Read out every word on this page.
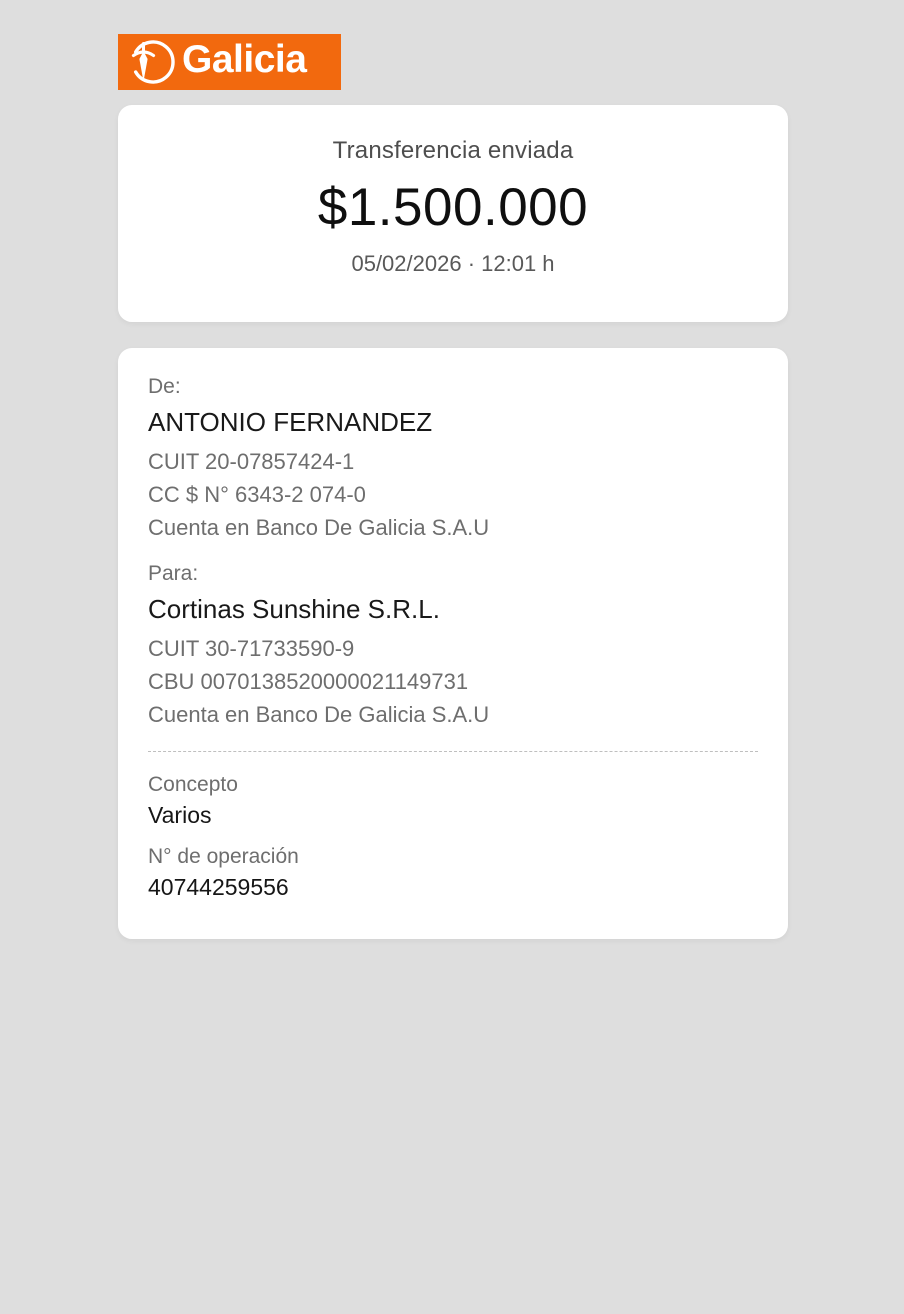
Galicia
Transferencia enviada
$1.500.000
05/02/2026 · 12:01 h
De:
ANTONIO FERNANDEZ
CUIT 20-07857424-1
CC $ N° 6343-2 074-0
Cuenta en Banco De Galicia S.A.U
Para:
Cortinas Sunshine S.R.L.
CUIT 30-71733590-9
CBU 0070138520000021149731
Cuenta en Banco De Galicia S.A.U
Concepto
Varios
N° de operación
40744259556
